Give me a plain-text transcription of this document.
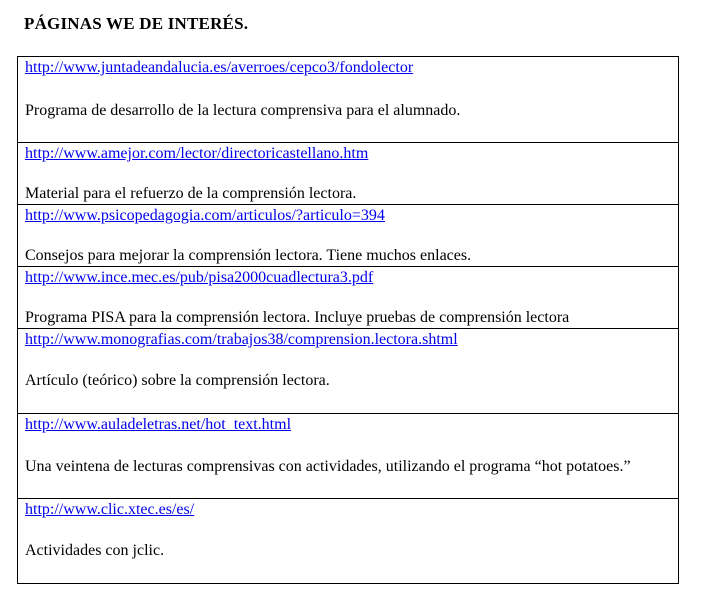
PÁGINAS WE DE INTERÉS.
http://www.juntadeandalucia.es/averroes/cepco3/fondolector
Programa de desarrollo de la lectura comprensiva para el alumnado.
http://www.amejor.com/lector/directoricastellano.htm
Material para el refuerzo de la comprensión lectora.
http://www.psicopedagogia.com/articulos/?articulo=394
Consejos para mejorar la comprensión lectora. Tiene muchos enlaces.
http://www.ince.mec.es/pub/pisa2000cuadlectura3.pdf
Programa PISA para la comprensión lectora. Incluye pruebas de comprensión lectora
http://www.monografias.com/trabajos38/comprension.lectora.shtml
Artículo (teórico) sobre la comprensión lectora.
http://www.auladeletras.net/hot_text.html
Una veintena de lecturas comprensivas con actividades, utilizando el programa “hot potatoes.”
http://www.clic.xtec.es/es/
Actividades con jclic.
